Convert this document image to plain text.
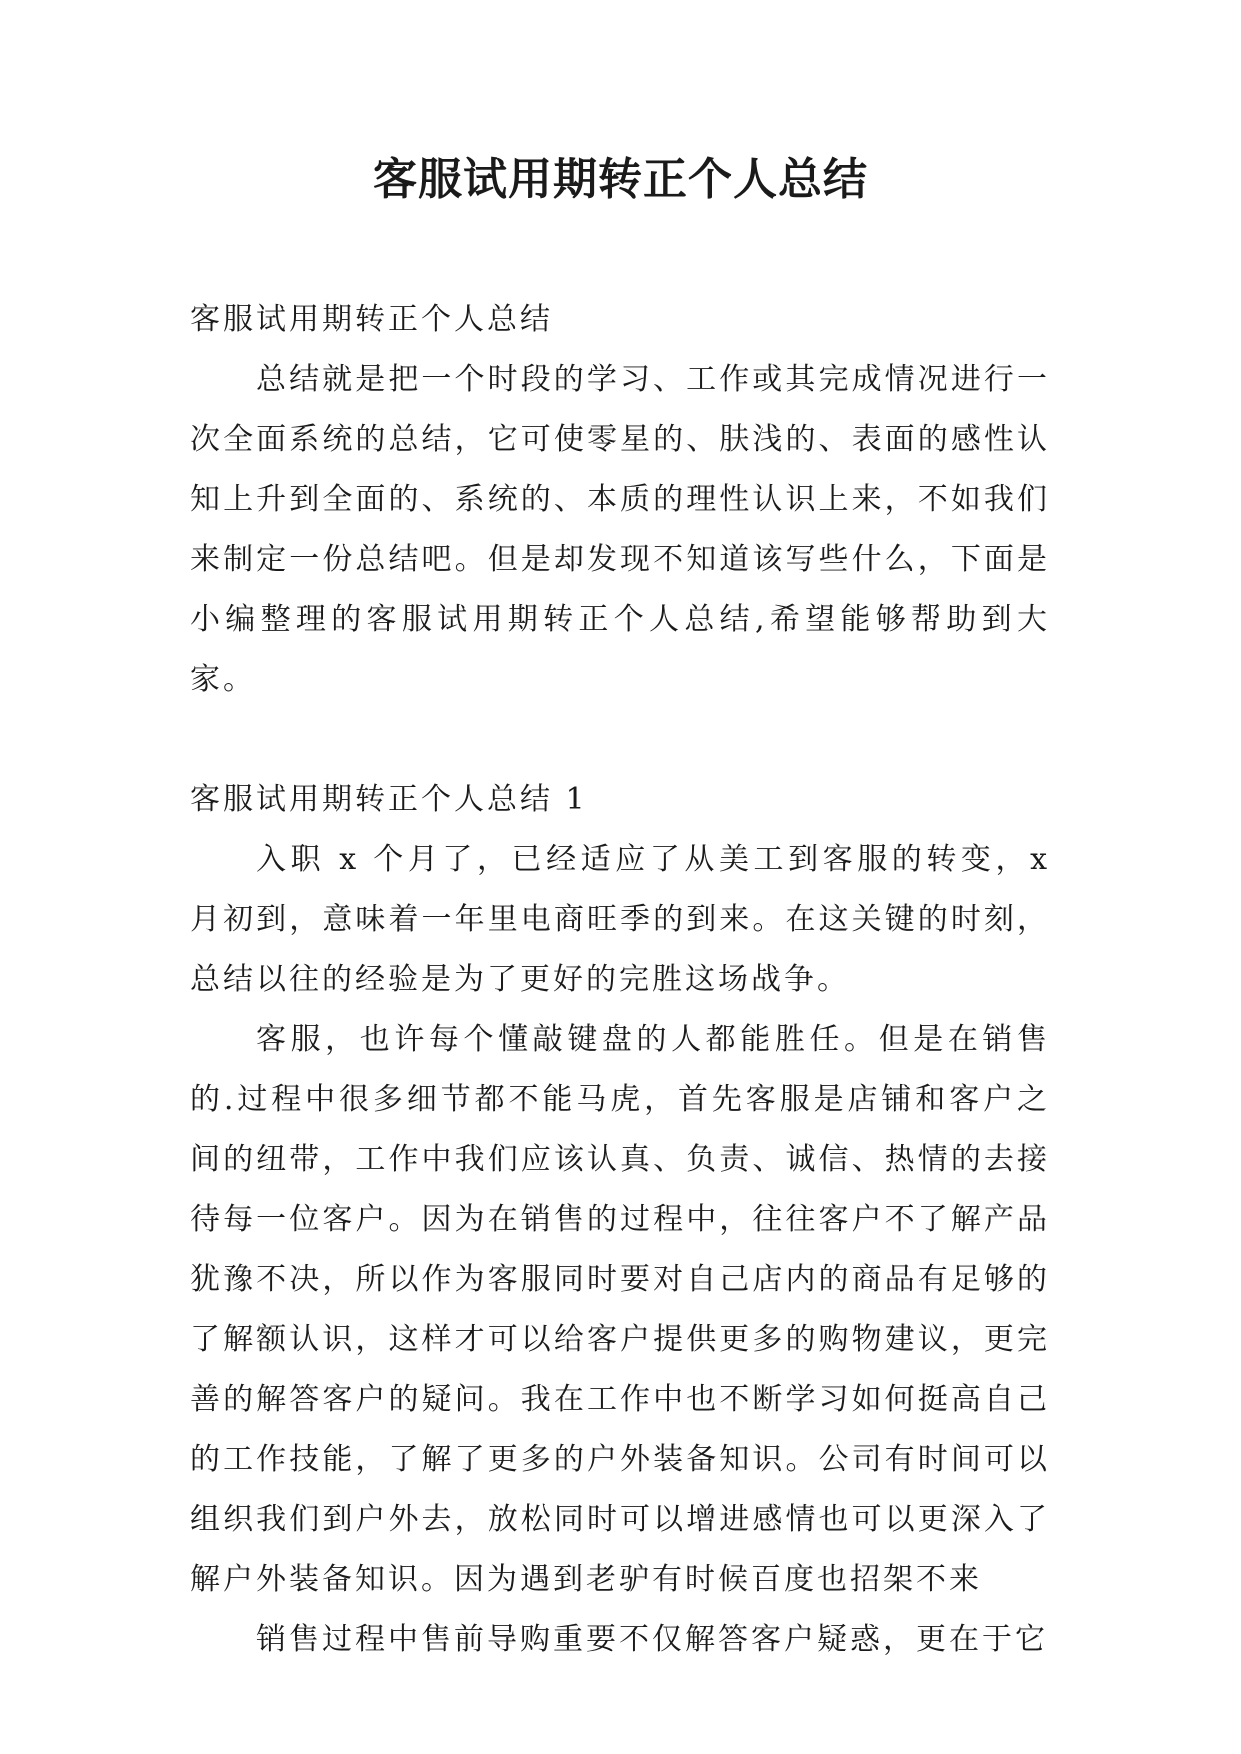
客服试用期转正个人总结

客服试用期转正个人总结

总结就是把一个时段的学习、工作或其完成情况进行一次全面系统的总结，它可使零星的、肤浅的、表面的感性认知上升到全面的、系统的、本质的理性认识上来，不如我们来制定一份总结吧。但是却发现不知道该写些什么，下面是小编整理的客服试用期转正个人总结,希望能够帮助到大家。

客服试用期转正个人总结 1

入职 x 个月了，已经适应了从美工到客服的转变，x 月初到，意味着一年里电商旺季的到来。在这关键的时刻，总结以往的经验是为了更好的完胜这场战争。

客服，也许每个懂敲键盘的人都能胜任。但是在销售的.过程中很多细节都不能马虎，首先客服是店铺和客户之间的纽带，工作中我们应该认真、负责、诚信、热情的去接待每一位客户。因为在销售的过程中，往往客户不了解产品犹豫不决，所以作为客服同时要对自己店内的商品有足够的了解额认识，这样才可以给客户提供更多的购物建议，更完善的解答客户的疑问。我在工作中也不断学习如何挺高自己的工作技能，了解了更多的户外装备知识。公司有时间可以组织我们到户外去，放松同时可以增进感情也可以更深入了解户外装备知识。因为遇到老驴有时候百度也招架不来

销售过程中售前导购重要不仅解答客户疑惑，更在于它
